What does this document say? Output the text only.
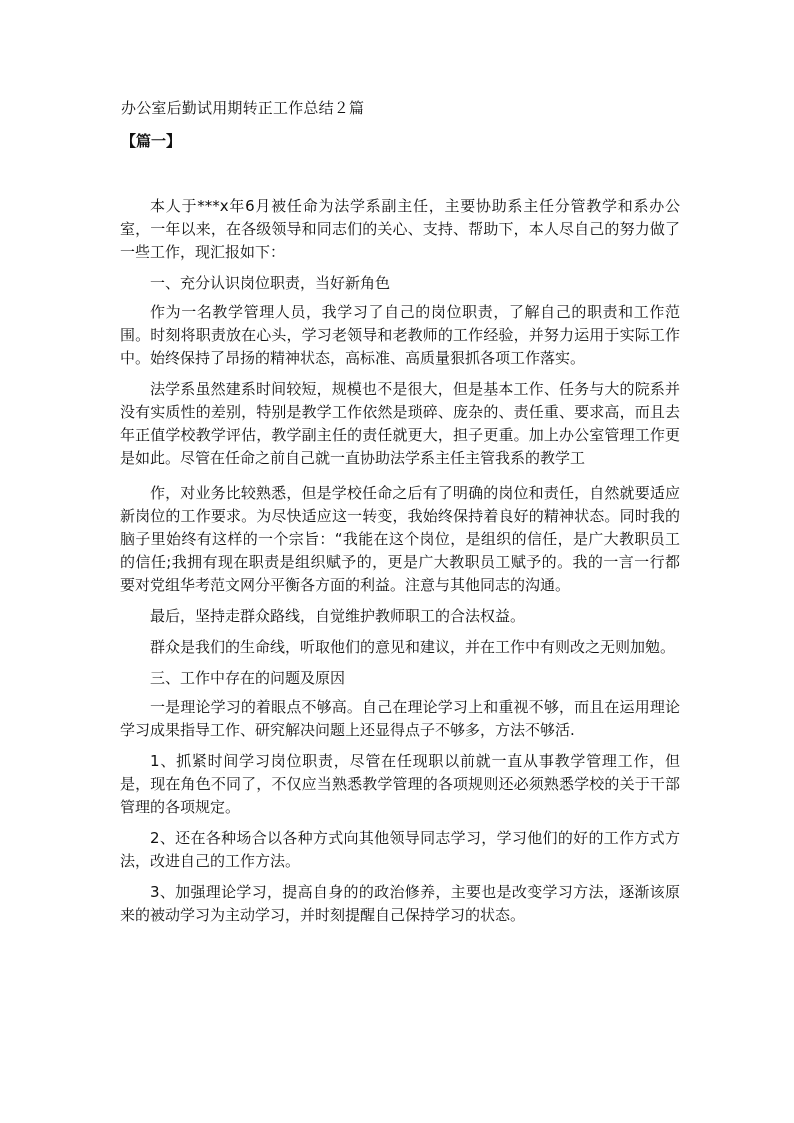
办公室后勤试用期转正工作总结２篇
【篇一】

本人于***x年6月被任命为法学系副主任，主要协助系主任分管教学和系办公室，一年以来，在各级领导和同志们的关心、支持、帮助下，本人尽自己的努力做了一些工作，现汇报如下：

一、充分认识岗位职责，当好新角色

作为一名教学管理人员，我学习了自己的岗位职责，了解自己的职责和工作范围。时刻将职责放在心头，学习老领导和老教师的工作经验，并努力运用于实际工作中。始终保持了昂扬的精神状态，高标准、高质量狠抓各项工作落实。

法学系虽然建系时间较短，规模也不是很大，但是基本工作、任务与大的院系并没有实质性的差别，特别是教学工作依然是琐碎、庞杂的、责任重、要求高，而且去年正值学校教学评估，教学副主任的责任就更大，担子更重。加上办公室管理工作更是如此。尽管在任命之前自己就一直协助法学系主任主管我系的教学工

作，对业务比较熟悉，但是学校任命之后有了明确的岗位和责任，自然就要适应新岗位的工作要求。为尽快适应这一转变，我始终保持着良好的精神状态。同时我的脑子里始终有这样的一个宗旨：“我能在这个岗位，是组织的信任，是广大教职员工的信任;我拥有现在职责是组织赋予的，更是广大教职员工赋予的。我的一言一行都要对党组华考范文网分平衡各方面的利益。注意与其他同志的沟通。

最后，坚持走群众路线，自觉维护教师职工的合法权益。

群众是我们的生命线，听取他们的意见和建议，并在工作中有则改之无则加勉。

三、工作中存在的问题及原因

一是理论学习的着眼点不够高。自己在理论学习上和重视不够，而且在运用理论学习成果指导工作、研究解决问题上还显得点子不够多，方法不够活.

1、抓紧时间学习岗位职责，尽管在任现职以前就一直从事教学管理工作，但是，现在角色不同了，不仅应当熟悉教学管理的各项规则还必须熟悉学校的关于干部管理的各项规定。

2、还在各种场合以各种方式向其他领导同志学习，学习他们的好的工作方式方法，改进自己的工作方法。

3、加强理论学习，提高自身的的政治修养，主要也是改变学习方法，逐渐该原来的被动学习为主动学习，并时刻提醒自己保持学习的状态。
